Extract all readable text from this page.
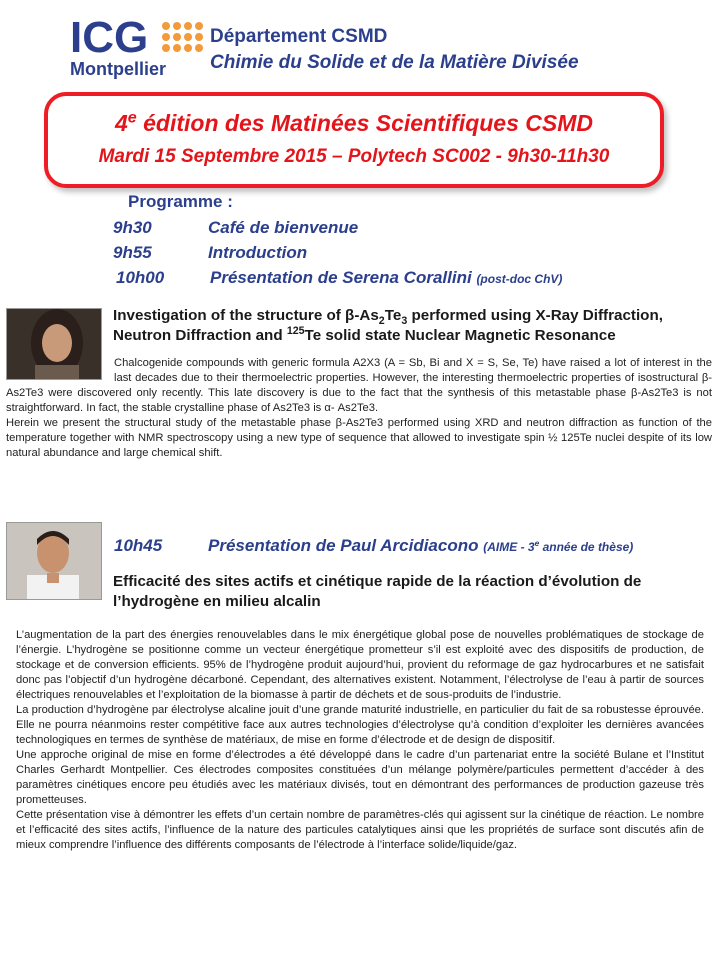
ICG
Montpellier
Département CSMD
Chimie du Solide et de la Matière Divisée
4e édition des Matinées Scientifiques CSMD
Mardi 15 Septembre 2015 – Polytech SC002 - 9h30-11h30
Programme :
9h30	Café de bienvenue
9h55	Introduction
10h00	Présentation de Serena Corallini (post-doc ChV)
Investigation of the structure of $\beta-As_2Te_3$ performed using X-Ray Diffraction,
Neutron Diffraction and $^{125}$Te solid state Nuclear Magnetic Resonance

Chalcogenide compounds with generic formula A2X3 (A = Sb, Bi and X = S, Se, Te) have raised a lot of interest in the last decades due to their thermoelectric properties. However, the interesting thermoelectric properties of isostructural β-As2Te3 were discovered only recently. This late discovery is due to the fact that the synthesis of this metastable phase β-As2Te3 is not straightforward. In fact, the stable crystalline phase of As2Te3 is α- As2Te3.

Herein we present the structural study of the metastable phase β-As2Te3 performed using XRD and neutron diffraction as function of the temperature together with NMR spectroscopy using a new type of sequence that allowed to investigate spin ½ 125Te nuclei despite of its low natural abundance and large chemical shift.

10h45	Présentation de Paul Arcidiacono (AIME - 3e année de thèse)
Efficacité des sites actifs et cinétique rapide de la réaction d’évolution de
l’hydrogène en milieu alcalin

L’augmentation de la part des énergies renouvelables dans le mix énergétique global pose de nouvelles problématiques de stockage de l’énergie. L’hydrogène se positionne comme un vecteur énergétique prometteur s’il est exploité avec des dispositifs de production, de stockage et de conversion efficients. 95% de l’hydrogène produit aujourd’hui, provient du reformage de gaz hydrocarbures et ne satisfait donc pas l’objectif d’un hydrogène décarboné. Cependant, des alternatives existent. Notamment, l’électrolyse de l’eau à partir de sources électriques renouvelables et l’exploitation de la biomasse à partir de déchets et de sous-produits de l’industrie.

La production d’hydrogène par électrolyse alcaline jouit d’une grande maturité industrielle, en particulier du fait de sa robustesse éprouvée. Elle ne pourra néanmoins rester compétitive face aux autres technologies d’électrolyse qu’à condition d’exploiter les dernières avancées technologiques en termes de synthèse de matériaux, de mise en forme d’électrode et de design de dispositif.

Une approche original de mise en forme d’électrodes a été développé dans le cadre d’un partenariat entre la société Bulane et l’Institut Charles Gerhardt Montpellier. Ces électrodes composites constituées d’un mélange polymère/particules permettent d’accéder à des paramètres cinétiques encore peu étudiés avec les matériaux divisés, tout en démontrant des performances de production gazeuse très prometteuses.

Cette présentation vise à démontrer les effets d’un certain nombre de paramètres-clés qui agissent sur la cinétique de réaction. Le nombre et l’efficacité des sites actifs, l’influence de la nature des particules catalytiques ainsi que les propriétés de surface sont discutés afin de mieux comprendre l’influence des différents composants de l’électrode à l’interface solide/liquide/gaz.
